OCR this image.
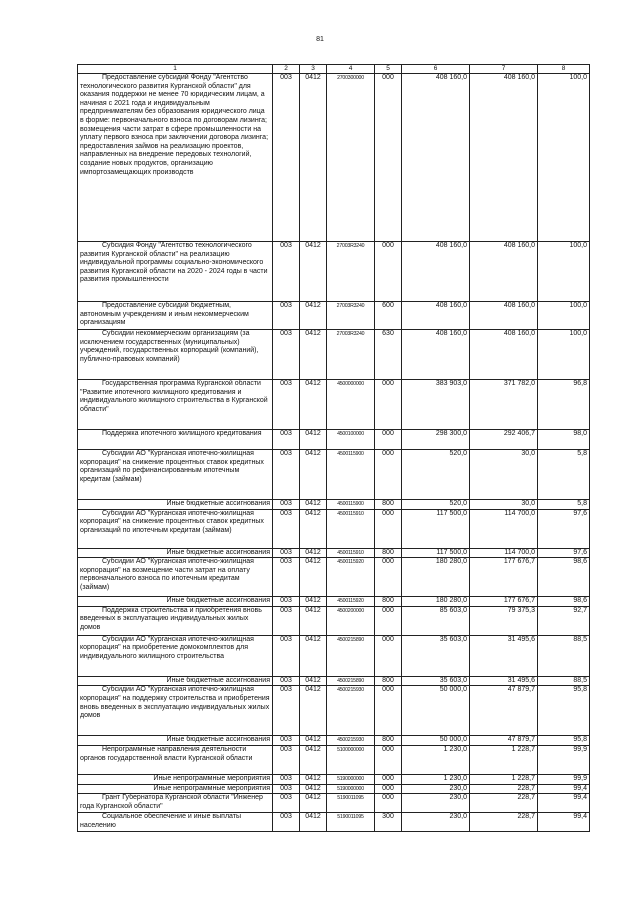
81
1	2	3	4	5	6	7	8
Предоставление субсидий Фонду "Агентство технологического развития Курганской области" для оказания поддержки не менее 70 юридическим лицам, а начиная с 2021 года и индивидуальным предпринимателям без образования юридического лица в форме: первоначального взноса по договорам лизинга; возмещения части затрат в сфере промышленности на уплату первого взноса при заключении договора лизинга; предоставления займов на реализацию проектов, направленных на внедрение передовых технологий, создание новых продуктов, организацию импортозамещающих производств	003	0412	2700300000	000	408 160,0	408 160,0	100,0
Субсидия Фонду "Агентство технологического развития Курганской области" на реализацию индивидуальной программы социально-экономического развития Курганской области на 2020 - 2024 годы в части развития промышленности	003	0412	27003R3240	000	408 160,0	408 160,0	100,0
Предоставление субсидий бюджетным, автономным учреждениям и иным некоммерческим организациям	003	0412	27003R3240	600	408 160,0	408 160,0	100,0
Субсидии некоммерческим организациям (за исключением государственных (муниципальных) учреждений, государственных корпораций (компаний), публично-правовых компаний)	003	0412	27003R3240	630	408 160,0	408 160,0	100,0
Государственная программа Курганской области "Развитие ипотечного жилищного кредитования и индивидуального жилищного строительства в Курганской области"	003	0412	4500000000	000	383 903,0	371 782,0	96,8
Поддержка ипотечного жилищного кредитования	003	0412	4500100000	000	298 300,0	292 406,7	98,0
Субсидии АО "Курганская ипотечно-жилищная корпорация" на снижение процентных ставок кредитных организаций по рефинансированным ипотечным кредитам (займам)	003	0412	4500115900	000	520,0	30,0	5,8
Иные бюджетные ассигнования	003	0412	4500115900	800	520,0	30,0	5,8
Субсидии АО "Курганская ипотечно-жилищная корпорация" на снижение процентных ставок кредитных организаций по ипотечным кредитам (займам)	003	0412	4500115910	000	117 500,0	114 700,0	97,6
Иные бюджетные ассигнования	003	0412	4500115910	800	117 500,0	114 700,0	97,6
Субсидии АО "Курганская ипотечно-жилищная корпорация" на возмещение части затрат на оплату первоначального взноса по ипотечным кредитам (займам)	003	0412	4500115920	000	180 280,0	177 676,7	98,6
Иные бюджетные ассигнования	003	0412	4500115920	800	180 280,0	177 676,7	98,6
Поддержка строительства и приобретения вновь введенных в эксплуатацию индивидуальных жилых домов	003	0412	4500200000	000	85 603,0	79 375,3	92,7
Субсидии АО "Курганская ипотечно-жилищная корпорация" на приобретение домокомплектов для индивидуального жилищного строительства	003	0412	4500215890	000	35 603,0	31 495,6	88,5
Иные бюджетные ассигнования	003	0412	4500215890	800	35 603,0	31 495,6	88,5
Субсидии АО "Курганская ипотечно-жилищная корпорация" на поддержку строительства и приобретения вновь введенных в эксплуатацию индивидуальных жилых домов	003	0412	4500215930	000	50 000,0	47 879,7	95,8
Иные бюджетные ассигнования	003	0412	4500215930	800	50 000,0	47 879,7	95,8
Непрограммные направления деятельности органов государственной власти Курганской области	003	0412	5100000000	000	1 230,0	1 228,7	99,9
Иные непрограммные мероприятия	003	0412	5190000000	000	1 230,0	1 228,7	99,9
Иные непрограммные мероприятия	003	0412	5190000000	000	230,0	228,7	99,4
Грант Губернатора Курганской области "Инженер года Курганской области"	003	0412	5190011095	000	230,0	228,7	99,4
Социальное обеспечение и иные выплаты населению	003	0412	5190011095	300	230,0	228,7	99,4
